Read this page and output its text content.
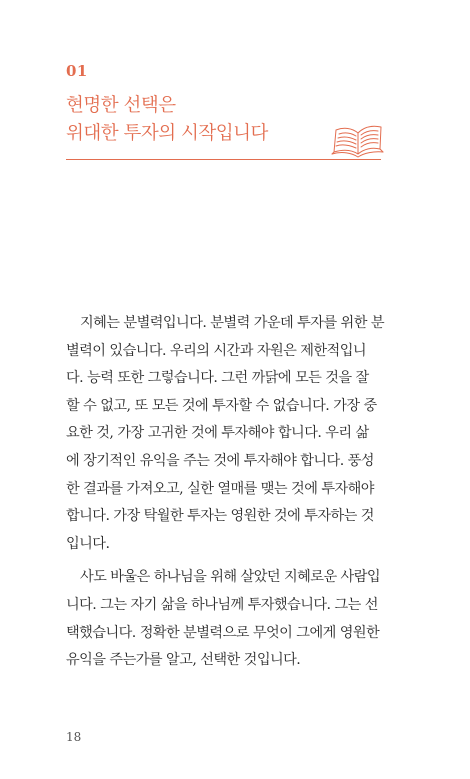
01
현명한 선택은
위대한 투자의 시작입니다

지혜는 분별력입니다. 분별력 가운데 투자를 위한 분
별력이 있습니다. 우리의 시간과 자원은 제한적입니
다. 능력 또한 그렇습니다. 그런 까닭에 모든 것을 잘
할 수 없고, 또 모든 것에 투자할 수 없습니다. 가장 중
요한 것, 가장 고귀한 것에 투자해야 합니다. 우리 삶
에 장기적인 유익을 주는 것에 투자해야 합니다. 풍성
한 결과를 가져오고, 실한 열매를 맺는 것에 투자해야
합니다. 가장 탁월한 투자는 영원한 것에 투자하는 것
입니다.

사도 바울은 하나님을 위해 살았던 지혜로운 사람입
니다. 그는 자기 삶을 하나님께 투자했습니다. 그는 선
택했습니다. 정확한 분별력으로 무엇이 그에게 영원한
유익을 주는가를 알고, 선택한 것입니다.

18
